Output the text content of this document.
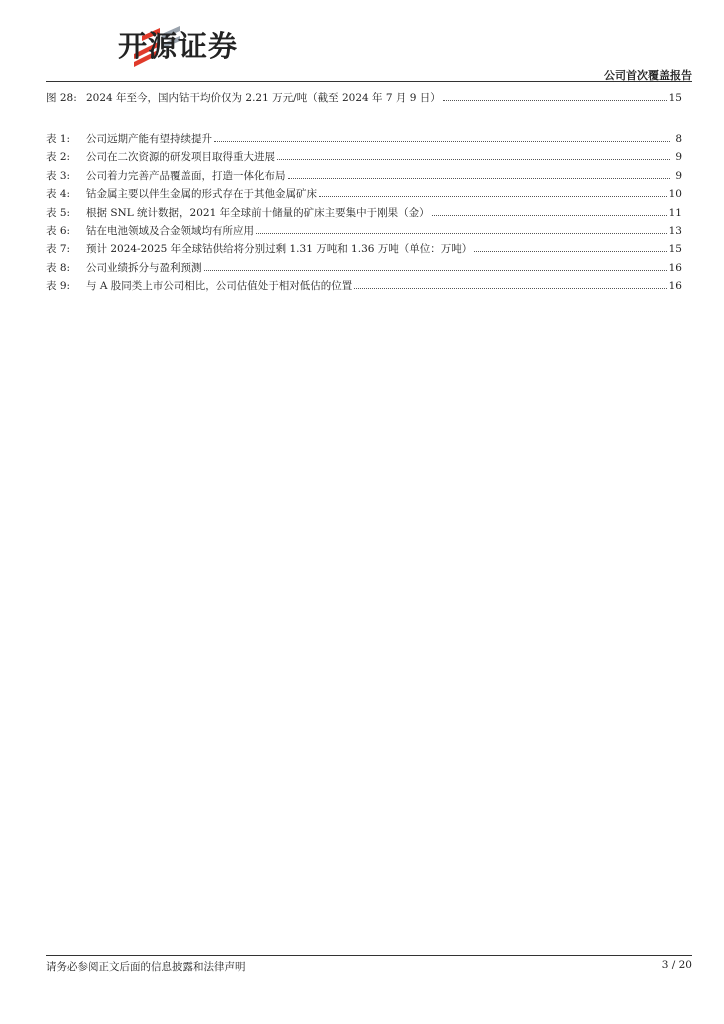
开源证券
公司首次覆盖报告
图 28: 2024 年至今，国内钴干均价仅为 2.21 万元/吨（截至 2024 年 7 月 9 日）	15
表 1:	公司远期产能有望持续提升	8
表 2:	公司在二次资源的研发项目取得重大进展	9
表 3:	公司着力完善产品覆盖面，打造一体化布局	9
表 4:	钴金属主要以伴生金属的形式存在于其他金属矿床	10
表 5:	根据 SNL 统计数据，2021 年全球前十储量的矿床主要集中于刚果（金）	11
表 6:	钴在电池领域及合金领域均有所应用	13
表 7:	预计 2024-2025 年全球钴供给将分别过剩 1.31 万吨和 1.36 万吨（单位：万吨）	15
表 8:	公司业绩拆分与盈利预测	16
表 9:	与 A 股同类上市公司相比，公司估值处于相对低估的位置	16
请务必参阅正文后面的信息披露和法律声明	3 / 20
